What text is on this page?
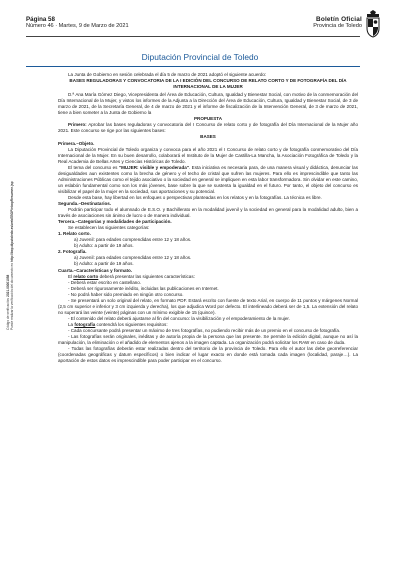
Página 58
Número 46 · Martes, 9 de Marzo de 2021
Boletín Oficial
Provincia de Toledo
Diputación Provincial de Toledo
Código de verificación: 2021.00001058 Puede realizar la verificación del documento en http://bop.diputoledo.es/webEBOP/ebopResumen.jsp

La Junta de Gobierno en sesión celebrada el día 5 de marzo de 2021 adoptó el siguiente acuerdo:

BASES REGULADORAS Y CONVOCATORIA DE LA I EDICIÓN DEL CONCURSO DE RELATO CORTO Y DE FOTOGRAFÍA DEL DÍA INTERNACIONAL DE LA MUJER

D.ª Ana María Gómez Diego, Vicepresidenta del Área de Educación, Cultura, Igualdad y Bienestar Social, con motivo de la conmemoración del Día Internacional de la Mujer, y vistos los informes de la Adjunta a la Dirección del Área de Educación, Cultura, Igualdad y Bienestar Social, de 3 de marzo de 2021, de la Secretaría General, de 4 de marzo de 2021 y el informe de fiscalización de la Intervención General, de 3 de marzo de 2021, tiene a bien someter a la Junta de Gobierno la

PROPUESTA

Primero: Aprobar las bases reguladoras y convocatoria del I Concurso de relato corto y de fotografía del Día Internacional de la Mujer año 2021. Este concurso se rige por las siguientes bases:

BASES

Primera.–Objeto.

La Diputación Provincial de Toledo organiza y convoca para el año 2021 el I Concurso de relato corto y de fotografía conmemorativo del Día Internacional de la Mujer. En su buen desarrollo, colaborará el Instituto de la Mujer de Castilla-La Mancha, la Asociación Fotográfica de Toledo y la Real Academia de Bellas Artes y Ciencias Históricas de Toledo.

El tema del concurso es "MUJER: visible y empoderada". Esta iniciativa es necesaria para, de una manera visual y didáctica, denunciar las desigualdades aun existentes como la brecha de género y el techo de cristal que sufren las mujeres. Para ello es imprescindible que tanto las Administraciones Públicas como el tejido asociativo o la sociedad en general se impliquen en esta labor transformadora. Sin olvidar en este camino, un eslabón fundamental como son los más jóvenes, base sobre la que se sustenta la igualdad en el futuro. Por tanto, el objeto del concurso es visibilizar el papel de la mujer en la sociedad, sus aportaciones y su potencial.

Desde esta base, hay libertad en los enfoques o perspectivas planteadas en los relatos y en la fotografías. La técnica es libre.

Segunda.–Destinatarios.

Podrán participar todo el alumnado de E.S.O. y Bachillerato en la modalidad juvenil y la sociedad en general para la modalidad adulto, bien a través de asociaciones sin ánimo de lucro o de manera individual.

Tercera.–Categorías y modalidades de participación.

Se establecen las siguientes categorías:

1. Relato corto.

a) Juvenil: para edades comprendidas entre 12 y 18 años.

b) Adulto: a partir de 19 años.

2. Fotografía.

a) Juvenil: para edades comprendidas entre 12 y 18 años.

b) Adulto: a partir de 19 años.

Cuarta.–Características y formato.

El relato corto deberá presentar las siguientes características:

- Deberá estar escrito en castellano.

- Deberá ser rigurosamente inédito, incluidas las publicaciones en Internet.

- No podrá haber sido premiado en ningún otro concurso.

- Se presentará un solo original del relato, en formato PDF. Estará escrito con fuente de texto Arial, en cuerpo de 11 puntos y márgenes Normal (2,5 cm superior e inferior y 3 cm izquierda y derecha), los que adjudica Word por defecto. El interlineado deberá ser de 1,5. La extensión del relato no superará las veinte (veinte) páginas con un mínimo exigible de 15 (quince).

- El contenido del relato deberá ajustarse al fin del concurso: la visibilización y el empoderamiento de la mujer.

La fotografía contendrá los siguientes requisitos:

- Cada concursante podrá presentar un máximo de tres fotografías, no pudiendo recibir más de un premio en el concurso de fotografía.

- Las fotografías serán originales, inéditas y de autoría propia de la persona que las presente. Se permite la edición digital, aunque no así la manipulación, la eliminación o el añadido de elementos ajenos a la imagen captada. La organización podrá solicitar los RAW en caso de duda.

- Todas las fotografías deberán estar realizadas dentro del territorio de la provincia de Toledo. Para ello el autor las debe georreferenciar (coordenadas geográficas y datum específicos) o bien indicar el lugar exacto en donde está tomada cada imagen (localidad, paraje…). La aportación de estos datos es imprescindible para poder participar en el concurso.
